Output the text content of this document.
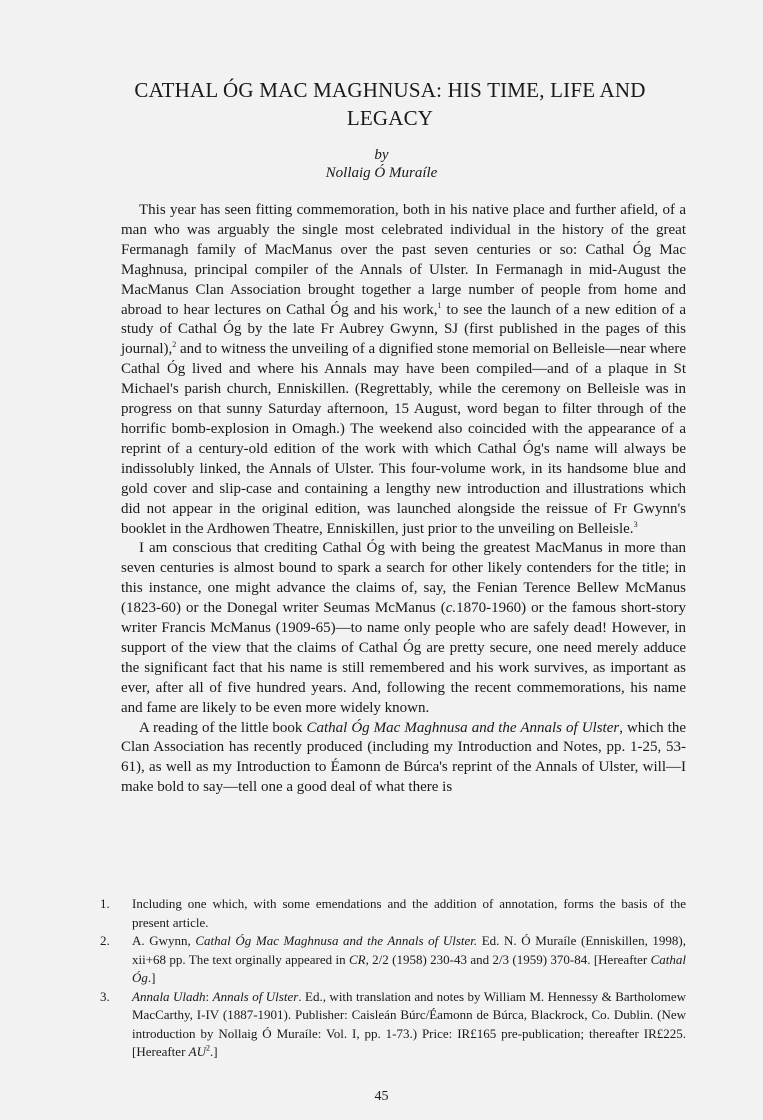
CATHAL ÓG MAC MAGHNUSA: HIS TIME, LIFE AND LEGACY
by
Nollaig Ó Muraíle

This year has seen fitting commemoration, both in his native place and further afield, of a man who was arguably the single most celebrated individual in the history of the great Fermanagh family of MacManus over the past seven centuries or so: Cathal Óg Mac Maghnusa, principal compiler of the Annals of Ulster. In Fermanagh in mid-August the MacManus Clan Association brought together a large number of people from home and abroad to hear lectures on Cathal Óg and his work,$^1$ to see the launch of a new edition of a study of Cathal Óg by the late Fr Aubrey Gwynn, SJ (first published in the pages of this journal),$^2$ and to witness the unveiling of a dignified stone memorial on Belleisle—near where Cathal Óg lived and where his Annals may have been compiled—and of a plaque in St Michael's parish church, Enniskillen. (Regrettably, while the ceremony on Belleisle was in progress on that sunny Saturday afternoon, 15 August, word began to filter through of the horrific bomb-explosion in Omagh.) The weekend also coincided with the appearance of a reprint of a century-old edition of the work with which Cathal Óg's name will always be indissolubly linked, the Annals of Ulster. This four-volume work, in its handsome blue and gold cover and slip-case and containing a lengthy new introduction and illustrations which did not appear in the original edition, was launched alongside the reissue of Fr Gwynn's booklet in the Ardhowen Theatre, Enniskillen, just prior to the unveiling on Belleisle.$^3$

I am conscious that crediting Cathal Óg with being the greatest MacManus in more than seven centuries is almost bound to spark a search for other likely contenders for the title; in this instance, one might advance the claims of, say, the Fenian Terence Bellew McManus (1823-60) or the Donegal writer Seumas McManus (c.1870-1960) or the famous short-story writer Francis McManus (1909-65)—to name only people who are safely dead! However, in support of the view that the claims of Cathal Óg are pretty secure, one need merely adduce the significant fact that his name is still remembered and his work survives, as important as ever, after all of five hundred years. And, following the recent commemorations, his name and fame are likely to be even more widely known.

A reading of the little book Cathal Óg Mac Maghnusa and the Annals of Ulster, which the Clan Association has recently produced (including my Introduction and Notes, pp. 1-25, 53-61), as well as my Introduction to Éamonn de Búrca's reprint of the Annals of Ulster, will—I make bold to say—tell one a good deal of what there is

1.	Including one which, with some emendations and the addition of annotation, forms the basis of the present article.
2.	A. Gwynn, Cathal Óg Mac Maghnusa and the Annals of Ulster. Ed. N. Ó Muraíle (Enniskillen, 1998), xii+68 pp. The text orginally appeared in CR, 2/2 (1958) 230-43 and 2/3 (1959) 370-84. [Hereafter Cathal Óg.]
3.	Annala Uladh: Annals of Ulster. Ed., with translation and notes by William M. Hennessy & Bartholomew MacCarthy, I-IV (1887-1901). Publisher: Caisleán Búrc/Éamonn de Búrca, Blackrock, Co. Dublin. (New introduction by Nollaig Ó Muraíle: Vol. I, pp. 1-73.) Price: IR£165 pre-publication; thereafter IR£225. [Hereafter $AU^2$.]
45
